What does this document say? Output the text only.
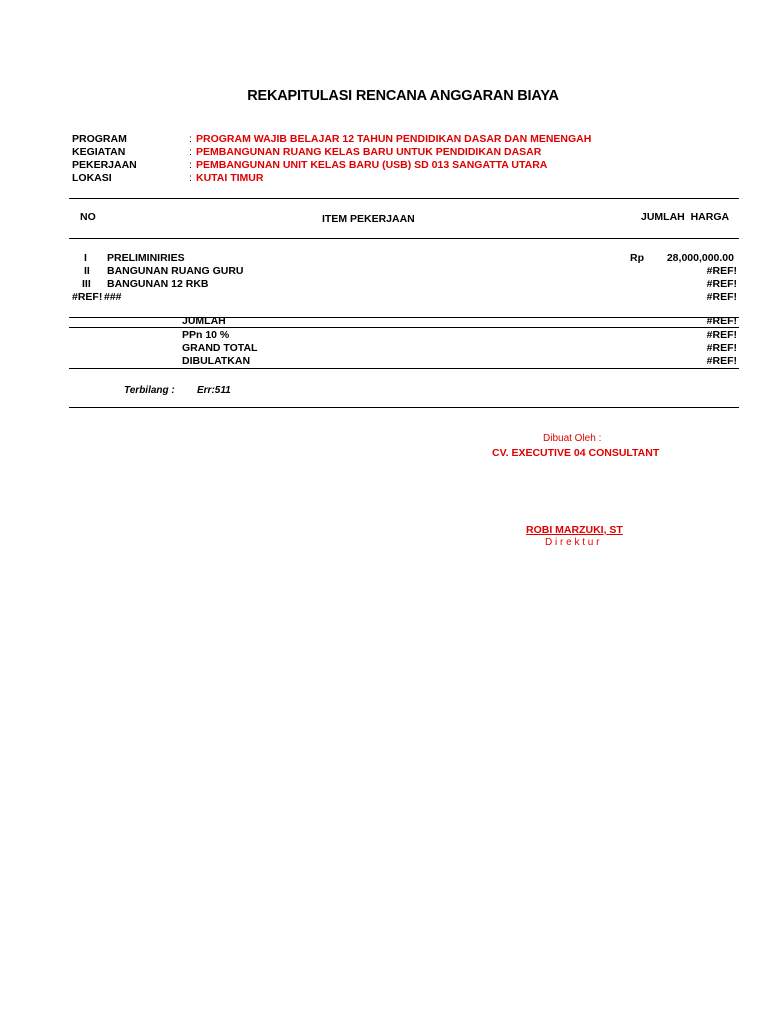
REKAPITULASI RENCANA ANGGARAN BIAYA
PROGRAM	: PROGRAM WAJIB BELAJAR 12 TAHUN PENDIDIKAN DASAR DAN MENENGAH
KEGIATAN	: PEMBANGUNAN RUANG KELAS BARU UNTUK PENDIDIKAN DASAR
PEKERJAAN	: PEMBANGUNAN UNIT KELAS BARU (USB) SD 013 SANGATTA UTARA
LOKASI	: KUTAI TIMUR
NO	ITEM PEKERJAAN	JUMLAH  HARGA
I PRELIMINIRIES	Rp 28,000,000.00
II BANGUNAN RUANG GURU	#REF!
III BANGUNAN 12 RKB	#REF!
#REF! ###	#REF!
JUMLAH	#REF!
PPn 10 %	#REF!
GRAND TOTAL	#REF!
DIBULATKAN	#REF!
Terbilang : Err:511
Dibuat Oleh :
CV. EXECUTIVE 04 CONSULTANT
ROBI MARZUKI, ST
D i r e k t u r
